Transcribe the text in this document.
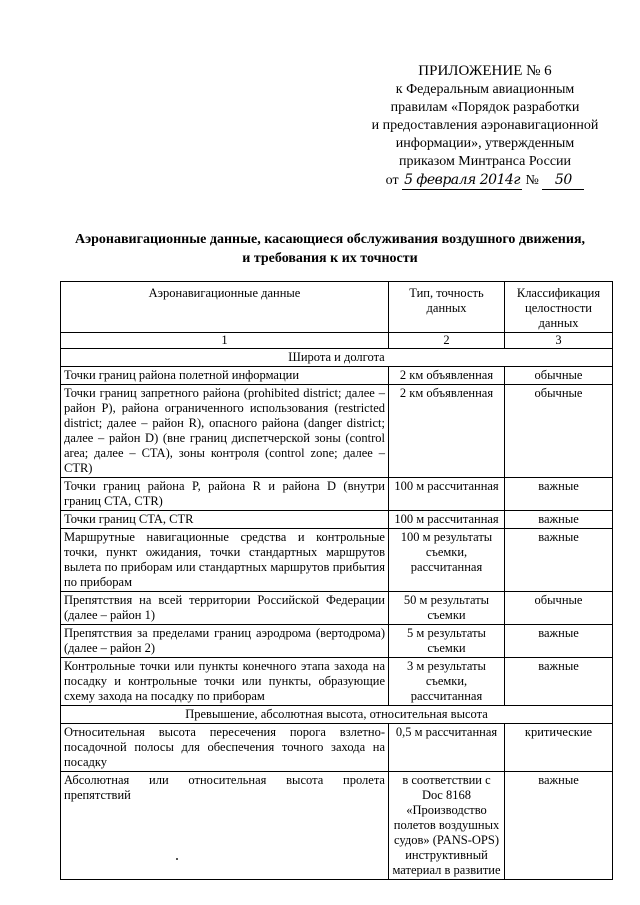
ПРИЛОЖЕНИЕ № 6
к Федеральным авиационным
правилам «Порядок разработки
и предоставления аэронавигационной
информации», утвержденным
приказом Минтранса России
от 5 февраля 2014г № 50
Аэронавигационные данные, касающиеся обслуживания воздушного движения,
и требования к их точности
Аэронавигационные данные	Тип, точность данных	Классификация целостности данных
1	2	3
Широта и долгота		
Точки границ района полетной информации	2 км объявленная	обычные
Точки границ запретного района (prohibited district; далее – район P), района ограниченного использования (restricted district; далее – район R), опасного района (danger district; далее – район D) (вне границ диспетчерской зоны (control area; далее – CTA), зоны контроля (control zone; далее – CTR)	2 км объявленная	обычные
Точки границ района P, района R и района D (внутри границ CTA, CTR)	100 м рассчитанная	важные
Точки границ CTA, CTR	100 м рассчитанная	важные
Маршрутные навигационные средства и контрольные точки, пункт ожидания, точки стандартных маршрутов вылета по приборам или стандартных маршрутов прибытия по приборам	100 м результаты съемки, рассчитанная	важные
Препятствия на всей территории Российской Федерации (далее – район 1)	50 м результаты съемки	обычные
Препятствия за пределами границ аэродрома (вертодрома) (далее – район 2)	5 м результаты съемки	важные
Контрольные точки или пункты конечного этапа захода на посадку и контрольные точки или пункты, образующие схему захода на посадку по приборам	3 м результаты съемки, рассчитанная	важные
Превышение, абсолютная высота, относительная высота		
Относительная высота пересечения порога взлетно-посадочной полосы для обеспечения точного захода на посадку	0,5 м рассчитанная	критические
Абсолютная или относительная высота пролета препятствий	в соответствии с Doc 8168 «Производство полетов воздушных судов» (PANS-OPS) инструктивный материал в развитие	важные
